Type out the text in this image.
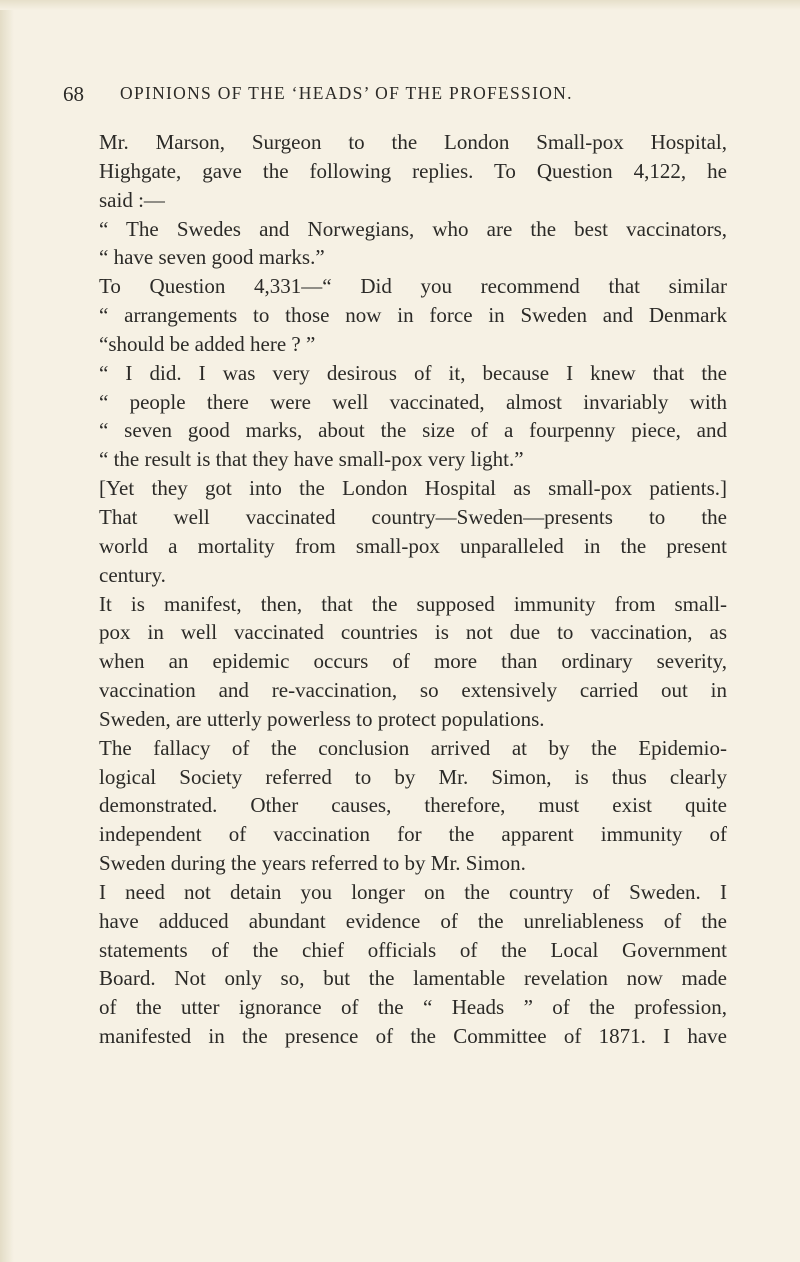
68 OPINIONS OF THE ‘HEADS’ OF THE PROFESSION.
Mr. Marson, Surgeon to the London Small-pox Hospital,
Highgate, gave the following replies. To Question 4,122, he
said :—
“ The Swedes and Norwegians, who are the best vaccinators,
“ have seven good marks.”
To Question 4,331—“ Did you recommend that similar
“ arrangements to those now in force in Sweden and Denmark
“should be added here ? ”
“ I did. I was very desirous of it, because I knew that the
“ people there were well vaccinated, almost invariably with
“ seven good marks, about the size of a fourpenny piece, and
“ the result is that they have small-pox very light.”
[Yet they got into the London Hospital as small-pox patients.]
That well vaccinated country—Sweden—presents to the
world a mortality from small-pox unparalleled in the present
century.
It is manifest, then, that the supposed immunity from small-
pox in well vaccinated countries is not due to vaccination, as
when an epidemic occurs of more than ordinary severity,
vaccination and re-vaccination, so extensively carried out in
Sweden, are utterly powerless to protect populations.
The fallacy of the conclusion arrived at by the Epidemio-
logical Society referred to by Mr. Simon, is thus clearly
demonstrated. Other causes, therefore, must exist quite
independent of vaccination for the apparent immunity of
Sweden during the years referred to by Mr. Simon.
I need not detain you longer on the country of Sweden. I
have adduced abundant evidence of the unreliableness of the
statements of the chief officials of the Local Government
Board. Not only so, but the lamentable revelation now made
of the utter ignorance of the “ Heads ” of the profession,
manifested in the presence of the Committee of 1871. I have
